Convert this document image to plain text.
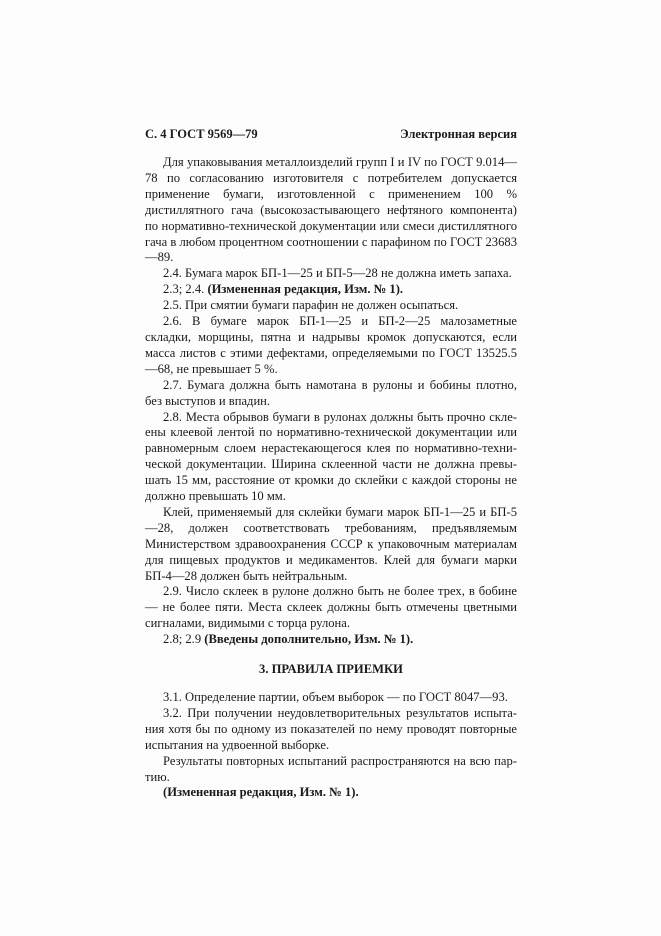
С. 4 ГОСТ 9569—79	Электронная версия

Для упаковывания металлоизделий групп I и IV по ГОСТ 9.014—78 по согласованию изготовителя с потребителем допускается применение бумаги, изготовленной с применением 100 % дистиллятного гача (высокозастывающего нефтяного компонента) по нормативно-технической документации или смеси дистиллятного гача в любом процентном соотношении с парафином по ГОСТ 23683—89.

2.4. Бумага марок БП-1—25 и БП-5—28 не должна иметь запаха.

2.3; 2.4. (Измененная редакция, Изм. № 1).

2.5. При смятии бумаги парафин не должен осыпаться.

2.6. В бумаге марок БП-1—25 и БП-2—25 малозаметные складки, морщины, пятна и надрывы кромок допускаются, если масса листов с этими дефектами, определяемыми по ГОСТ 13525.5—68, не превышает 5 %.

2.7. Бумага должна быть намотана в рулоны и бобины плотно, без выступов и впадин.

2.8. Места обрывов бумаги в рулонах должны быть прочно склеены клеевой лентой по нормативно-технической документации или равномерным слоем нерастекающегося клея по нормативно-технической документации. Ширина склеенной части не должна превышать 15 мм, расстояние от кромки до склейки с каждой стороны не должно превышать 10 мм.

Клей, применяемый для склейки бумаги марок БП-1—25 и БП-5—28, должен соответствовать требованиям, предъявляемым Министерством здравоохранения СССР к упаковочным материалам для пищевых продуктов и медикаментов. Клей для бумаги марки БП-4—28 должен быть нейтральным.

2.9. Число склеек в рулоне должно быть не более трех, в бобине — не более пяти. Места склеек должны быть отмечены цветными сигналами, видимыми с торца рулона.

2.8; 2.9 (Введены дополнительно, Изм. № 1).

3. ПРАВИЛА ПРИЕМКИ

3.1. Определение партии, объем выборок — по ГОСТ 8047—93.

3.2. При получении неудовлетворительных результатов испытания хотя бы по одному из показателей по нему проводят повторные испытания на удвоенной выборке.

Результаты повторных испытаний распространяются на всю партию.

(Измененная редакция, Изм. № 1).
